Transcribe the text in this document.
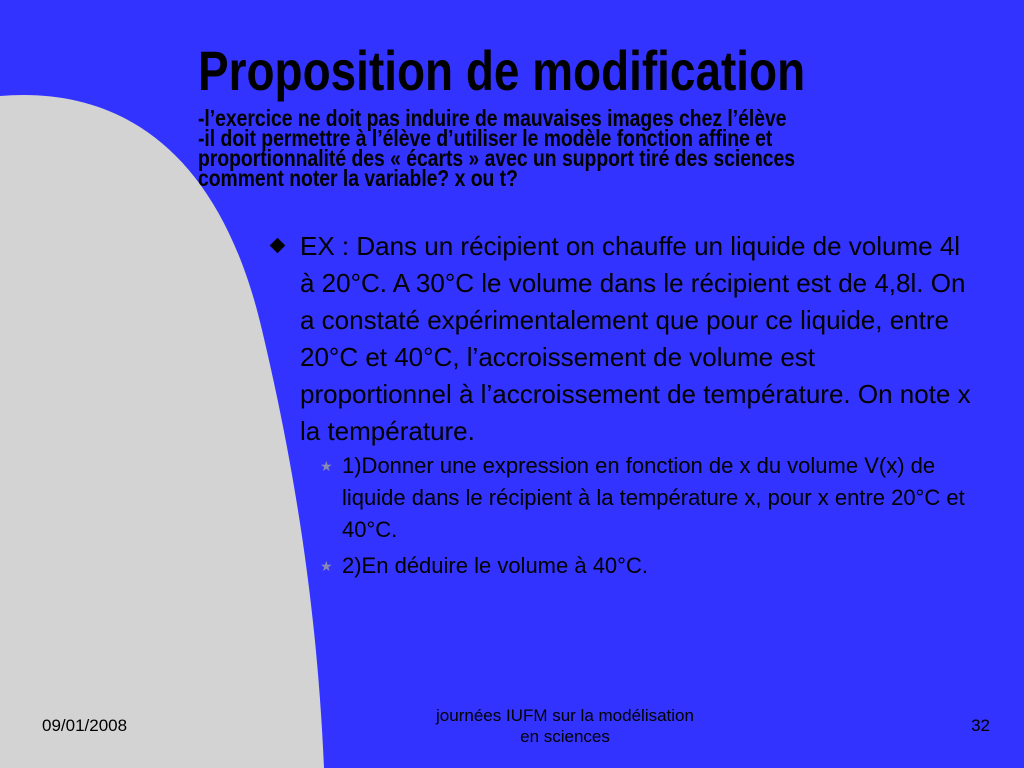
Proposition de modification
-l’exercice ne doit pas induire de mauvaises images chez l’élève
-il doit permettre à l’élève d’utiliser le modèle fonction affine et
proportionnalité des « écarts » avec un support tiré des sciences
comment noter la variable? x ou t?
EX : Dans un récipient on chauffe un liquide de volume 4l à 20°C. A 30°C le volume dans le récipient est de 4,8l. On a constaté expérimentalement que pour ce liquide, entre 20°C et 40°C, l’accroissement de volume est proportionnel à l’accroissement de température. On note x la température.
★ 1)Donner une expression en fonction de x du volume V(x) de liquide dans le récipient à la température x, pour x entre 20°C et 40°C.
★ 2)En déduire le volume à 40°C.
09/01/2008
journées IUFM sur la modélisation
en sciences
32
